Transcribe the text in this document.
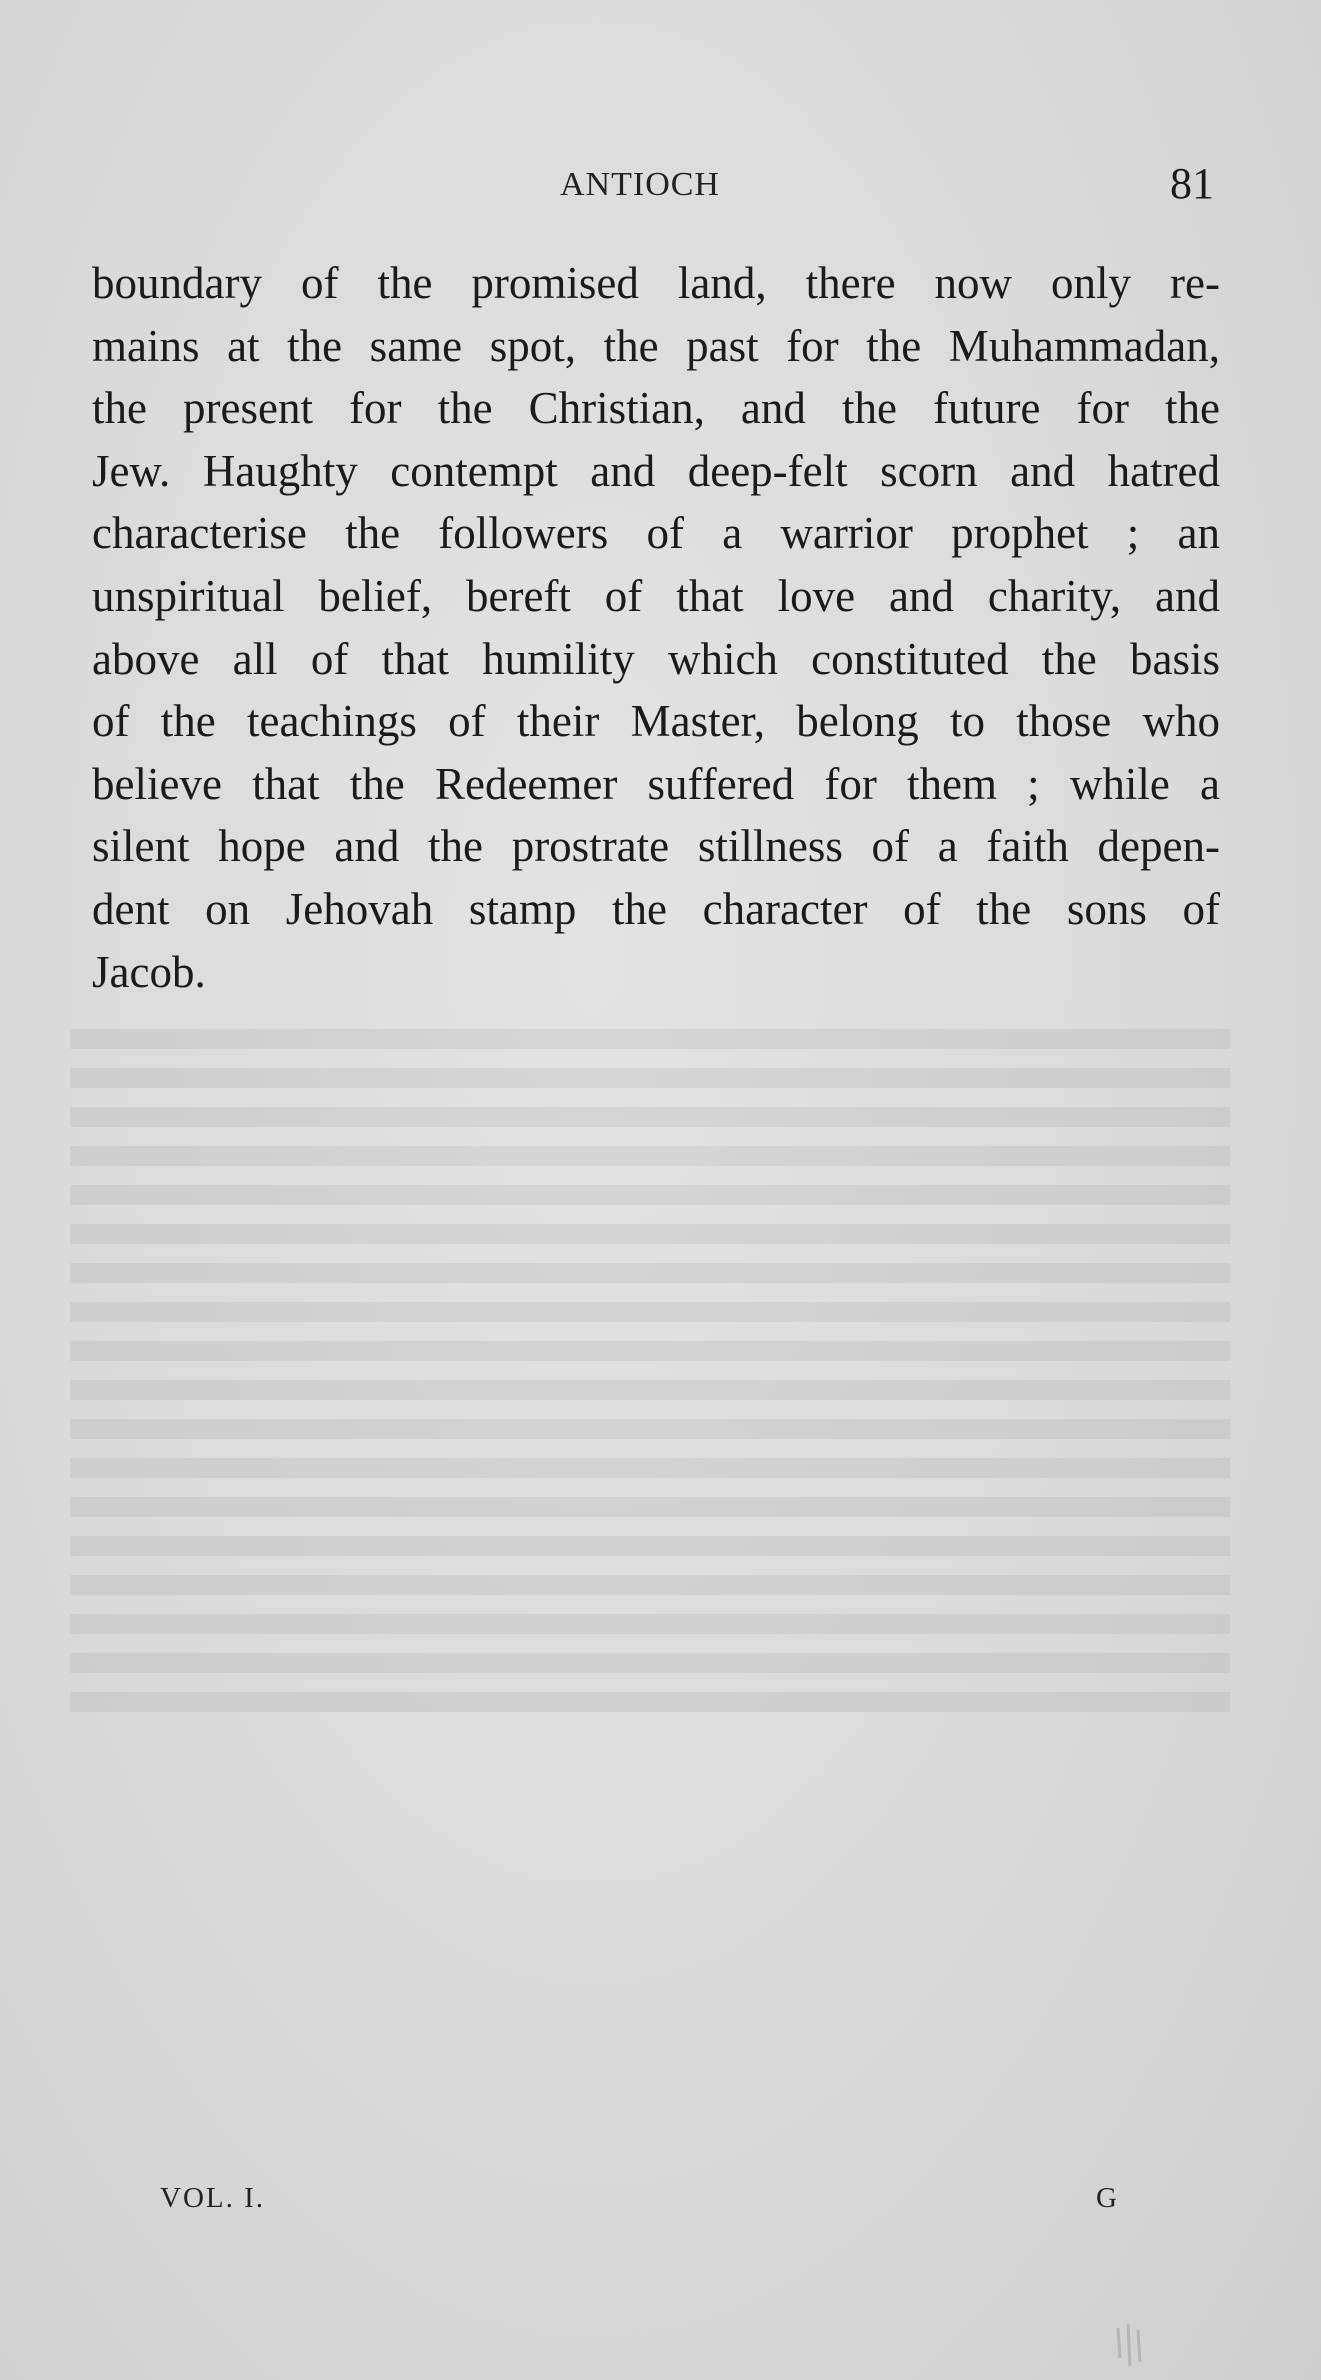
ANTIOCH	81
boundary of the promised land, there now only re-
mains at the same spot, the past for the Muhammadan,
the present for the Christian, and the future for the
Jew. Haughty contempt and deep-felt scorn and hatred
characterise the followers of a warrior prophet ; an
unspiritual belief, bereft of that love and charity, and
above all of that humility which constituted the basis
of the teachings of their Master, belong to those who
believe that the Redeemer suffered for them ; while a
silent hope and the prostrate stillness of a faith depen-
dent on Jehovah stamp the character of the sons of
Jacob.
VOL. I.	G
